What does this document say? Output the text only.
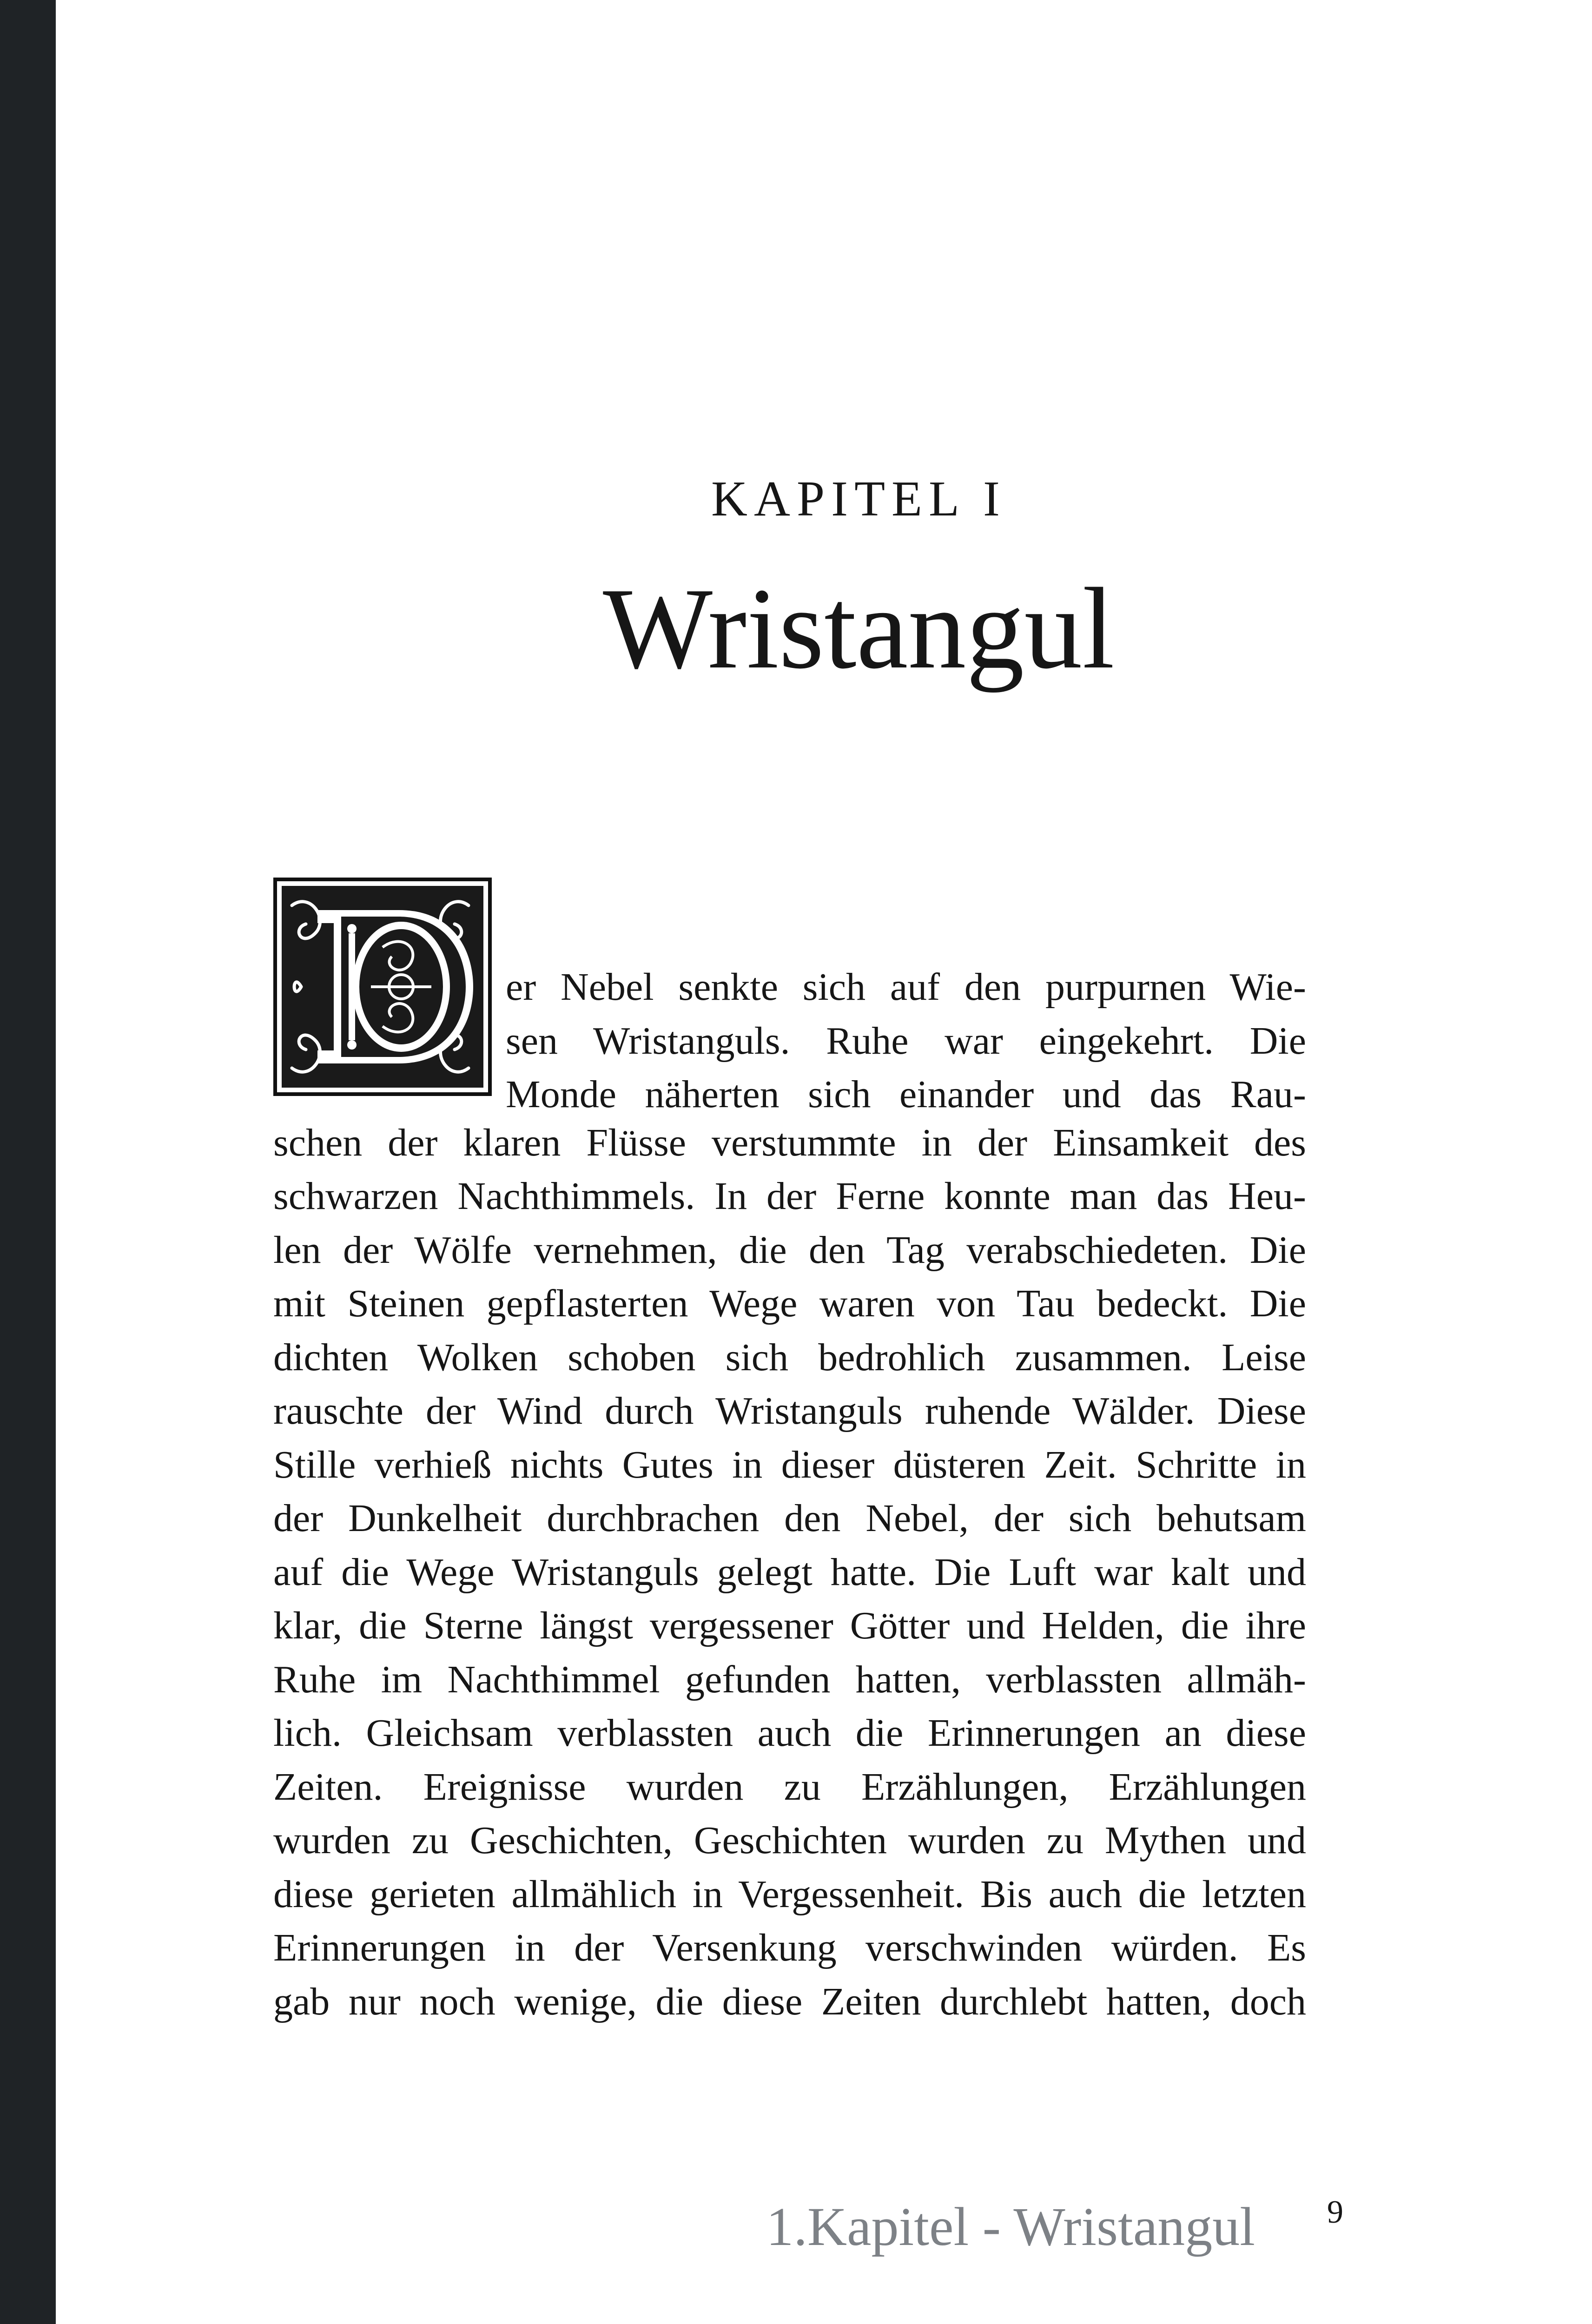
KAPITEL I
Wristangul

er Nebel senkte sich auf den purpurnen Wie-
sen Wristanguls. Ruhe war eingekehrt. Die
Monde näherten sich einander und das Rau-

schen der klaren Flüsse verstummte in der Einsamkeit des
schwarzen Nachthimmels. In der Ferne konnte man das Heu-
len der Wölfe vernehmen, die den Tag verabschiedeten. Die
mit Steinen gepflasterten Wege waren von Tau bedeckt. Die
dichten Wolken schoben sich bedrohlich zusammen. Leise
rauschte der Wind durch Wristanguls ruhende Wälder. Diese
Stille verhieß nichts Gutes in dieser düsteren Zeit. Schritte in
der Dunkelheit durchbrachen den Nebel, der sich behutsam
auf die Wege Wristanguls gelegt hatte. Die Luft war kalt und
klar, die Sterne längst vergessener Götter und Helden, die ihre
Ruhe im Nachthimmel gefunden hatten, verblassten allmäh-
lich. Gleichsam verblassten auch die Erinnerungen an diese
Zeiten. Ereignisse wurden zu Erzählungen, Erzählungen
wurden zu Geschichten, Geschichten wurden zu Mythen und
diese gerieten allmählich in Vergessenheit. Bis auch die letzten
Erinnerungen in der Versenkung verschwinden würden. Es
gab nur noch wenige, die diese Zeiten durchlebt hatten, doch
1.Kapitel - Wristangul 9
